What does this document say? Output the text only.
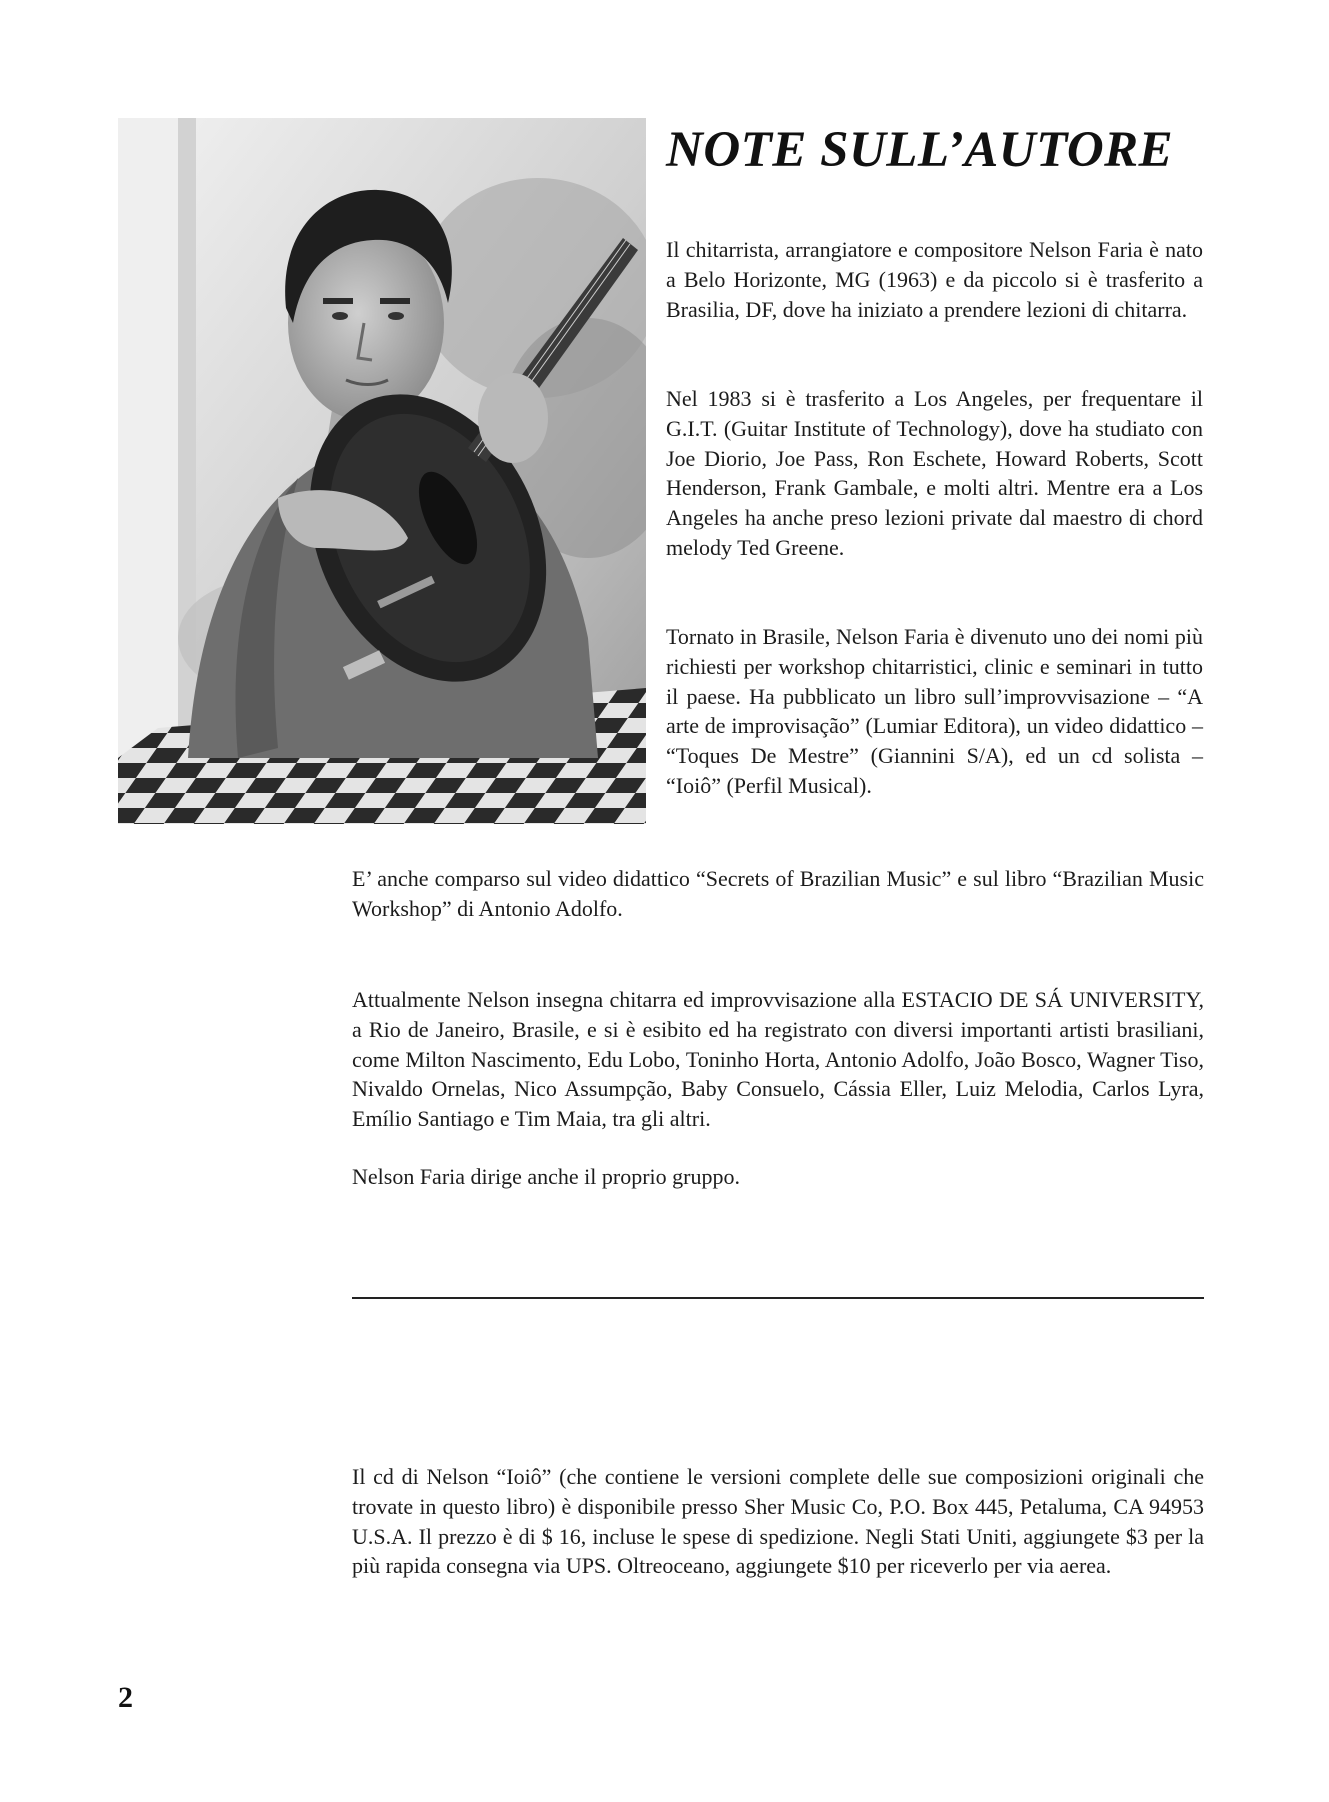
NOTE SULL’AUTORE

Il chitarrista, arrangiatore e compositore Nelson Faria è nato a Belo Horizonte, MG (1963) e da piccolo si è trasferito a Brasilia, DF, dove ha iniziato a prendere lezioni di chitarra.

Nel 1983 si è trasferito a Los Angeles, per frequentare il G.I.T. (Guitar Institute of Technology), dove ha studiato con Joe Diorio, Joe Pass, Ron Eschete, Howard Roberts, Scott Henderson, Frank Gambale, e molti altri. Mentre era a Los Angeles ha anche preso lezioni private dal maestro di chord melody Ted Greene.

Tornato in Brasile, Nelson Faria è divenuto uno dei nomi più richiesti per workshop chitarristici, clinic e seminari in tutto il paese. Ha pubblicato un libro sull’improvvisazione – “A arte de improvisação” (Lumiar Editora), un video didattico – “Toques De Mestre” (Giannini S/A), ed un cd solista – “Ioiô” (Perfil Musical).

E’ anche comparso sul video didattico “Secrets of Brazilian Music” e sul libro “Brazilian Music Workshop” di Antonio Adolfo.

Attualmente Nelson insegna chitarra ed improvvisazione alla ESTACIO DE SÁ UNIVERSITY, a Rio de Janeiro, Brasile, e si è esibito ed ha registrato con diversi importanti artisti brasiliani, come Milton Nascimento, Edu Lobo, Toninho Horta, Antonio Adolfo, João Bosco, Wagner Tiso, Nivaldo Ornelas, Nico Assumpção, Baby Consuelo, Cássia Eller, Luiz Melodia, Carlos Lyra, Emílio Santiago e Tim Maia, tra gli altri.

Nelson Faria dirige anche il proprio gruppo.

Il cd di Nelson “Ioiô” (che contiene le versioni complete delle sue composizioni originali che trovate in questo libro) è disponibile presso Sher Music Co, P.O. Box 445, Petaluma, CA 94953 U.S.A. Il prezzo è di $ 16, incluse le spese di spedizione. Negli Stati Uniti, aggiungete $3 per la più rapida consegna via UPS. Oltreoceano, aggiungete $10 per riceverlo per via aerea.

2
